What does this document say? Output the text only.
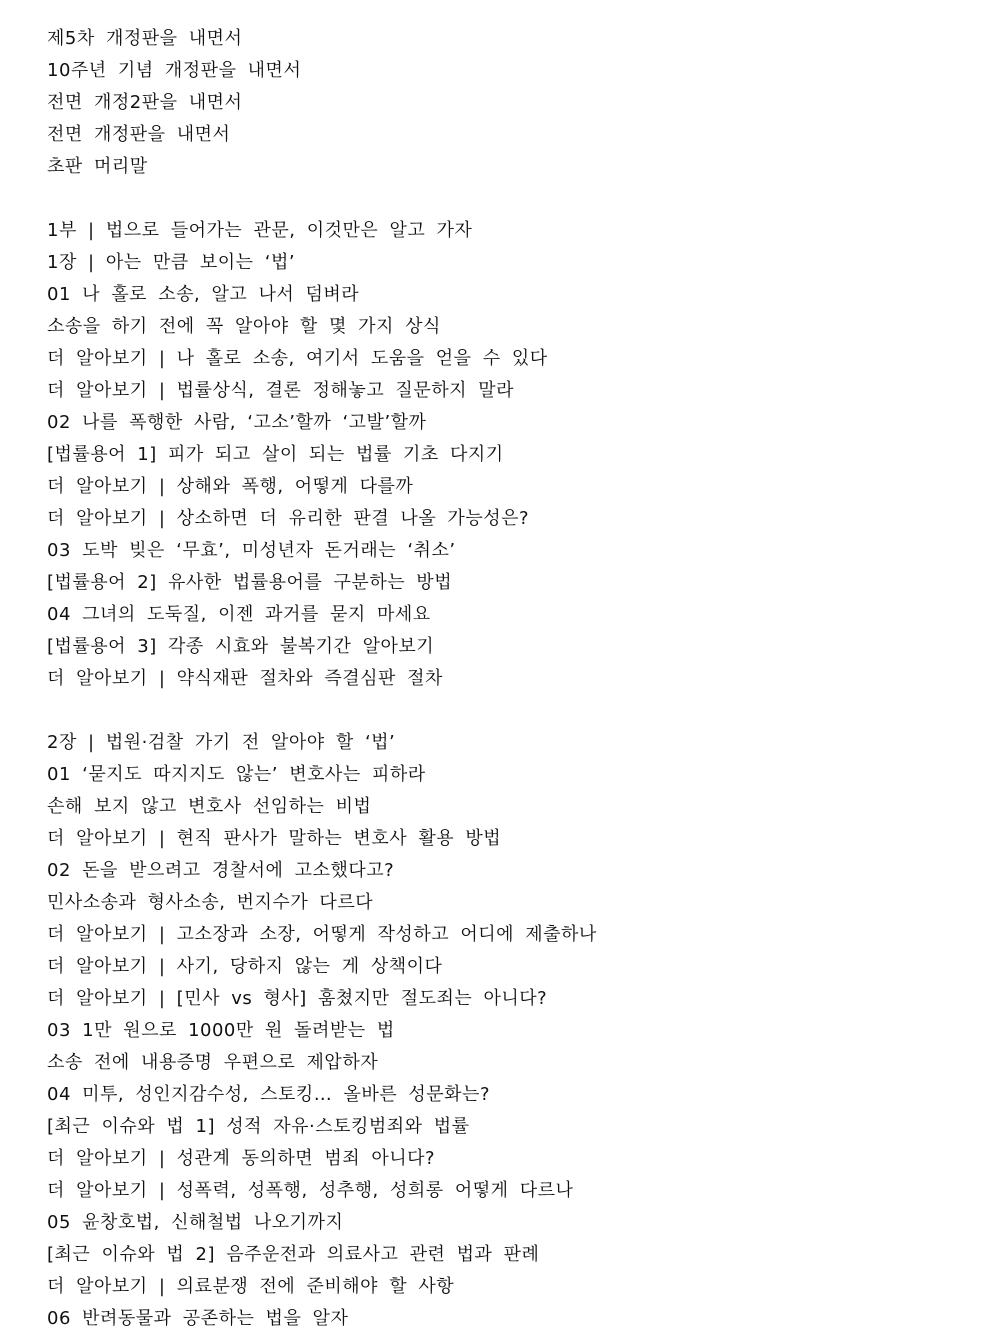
제5차 개정판을 내면서
10주년 기념 개정판을 내면서
전면 개정2판을 내면서
전면 개정판을 내면서
초판 머리말
1부 | 법으로 들어가는 관문, 이것만은 알고 가자
1장 | 아는 만큼 보이는 ‘법’
01 나 홀로 소송, 알고 나서 덤벼라
소송을 하기 전에 꼭 알아야 할 몇 가지 상식
더 알아보기 | 나 홀로 소송, 여기서 도움을 얻을 수 있다
더 알아보기 | 법률상식, 결론 정해놓고 질문하지 말라
02 나를 폭행한 사람, ‘고소’할까 ‘고발’할까
[법률용어 1] 피가 되고 살이 되는 법률 기초 다지기
더 알아보기 | 상해와 폭행, 어떻게 다를까
더 알아보기 | 상소하면 더 유리한 판결 나올 가능성은?
03 도박 빚은 ‘무효’, 미성년자 돈거래는 ‘취소’
[법률용어 2] 유사한 법률용어를 구분하는 방법
04 그녀의 도둑질, 이젠 과거를 묻지 마세요
[법률용어 3] 각종 시효와 불복기간 알아보기
더 알아보기 | 약식재판 절차와 즉결심판 절차
2장 | 법원·검찰 가기 전 알아야 할 ‘법’
01 ‘묻지도 따지지도 않는’ 변호사는 피하라
손해 보지 않고 변호사 선임하는 비법
더 알아보기 | 현직 판사가 말하는 변호사 활용 방법
02 돈을 받으려고 경찰서에 고소했다고?
민사소송과 형사소송, 번지수가 다르다
더 알아보기 | 고소장과 소장, 어떻게 작성하고 어디에 제출하나
더 알아보기 | 사기, 당하지 않는 게 상책이다
더 알아보기 | [민사 vs 형사] 훔쳤지만 절도죄는 아니다?
03 1만 원으로 1000만 원 돌려받는 법
소송 전에 내용증명 우편으로 제압하자
04 미투, 성인지감수성, 스토킹… 올바른 성문화는?
[최근 이슈와 법 1] 성적 자유·스토킹범죄와 법률
더 알아보기 | 성관계 동의하면 범죄 아니다?
더 알아보기 | 성폭력, 성폭행, 성추행, 성희롱 어떻게 다르나
05 윤창호법, 신해철법 나오기까지
[최근 이슈와 법 2] 음주운전과 의료사고 관련 법과 판례
더 알아보기 | 의료분쟁 전에 준비해야 할 사항
06 반려동물과 공존하는 법을 알자
